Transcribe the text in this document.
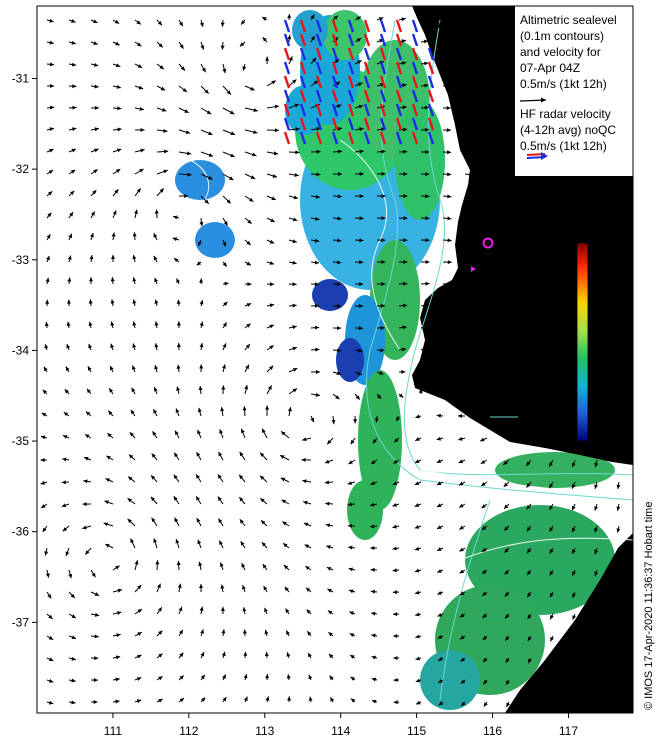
111	112	113	114	115	116	117
-31
-32
-33
-34
-35
-36
-37
07-Apr-2020
04Z
Altimetric sealevel
(0.1m contours)
and velocity for
07-Apr 04Z
0.5m/s (1kt 12h)
HF radar velocity
(4-12h avg) noQC
0.5m/s (1kt 12h)
Perth
Argo 0
drifters@12h to
07/04 06Z
200 1000m
4
2
1
0.5
0.25
0.1
0.05 MODIS Chl-a mg/m3 OC3
© IMOS 17-Apr-2020 11:36:37 Hobart time
